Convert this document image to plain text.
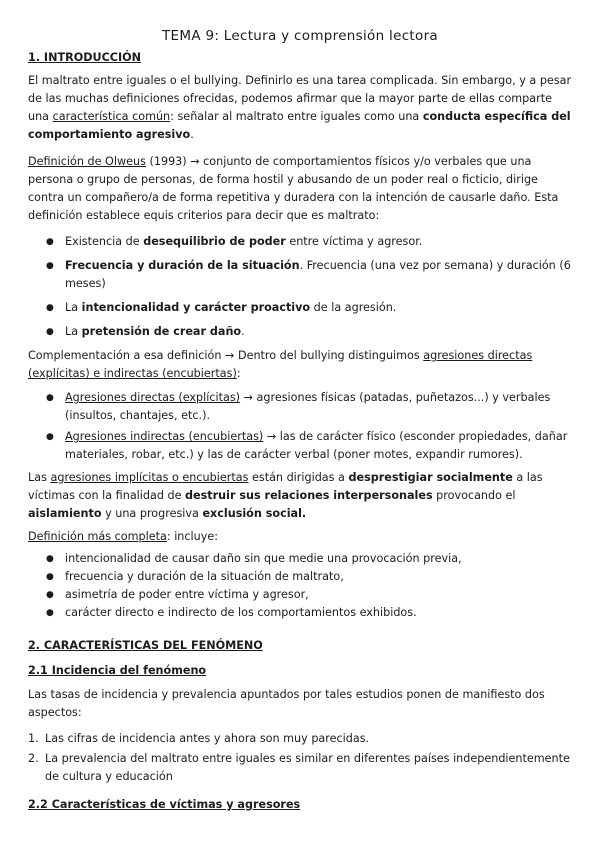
TEMA 9: Lectura y comprensión lectora
1. INTRODUCCIÓN

El maltrato entre iguales o el bullying. Definirlo es una tarea complicada. Sin embargo, y a pesar de las muchas definiciones ofrecidas, podemos afirmar que la mayor parte de ellas comparte una característica común: señalar al maltrato entre iguales como una conducta específica del comportamiento agresivo.

Definición de Olweus (1993) → conjunto de comportamientos físicos y/o verbales que una persona o grupo de personas, de forma hostil y abusando de un poder real o ficticio, dirige contra un compañero/a de forma repetitiva y duradera con la intención de causarle daño. Esta definición establece equis criterios para decir que es maltrato:

● Existencia de desequilibrio de poder entre víctima y agresor.
● Frecuencia y duración de la situación. Frecuencia (una vez por semana) y duración (6 meses)
● La intencionalidad y carácter proactivo de la agresión.
● La pretensión de crear daño.

Complementación a esa definición → Dentro del bullying distinguimos agresiones directas (explícitas) e indirectas (encubiertas):

● Agresiones directas (explícitas) → agresiones físicas (patadas, puñetazos...) y verbales (insultos, chantajes, etc.).
● Agresiones indirectas (encubiertas) → las de carácter físico (esconder propiedades, dañar materiales, robar, etc.) y las de carácter verbal (poner motes, expandir rumores).

Las agresiones implícitas o encubiertas están dirigidas a desprestigiar socialmente a las víctimas con la finalidad de destruir sus relaciones interpersonales provocando el aislamiento y una progresiva exclusión social.

Definición más completa: incluye:

● intencionalidad de causar daño sin que medie una provocación previa,
● frecuencia y duración de la situación de maltrato,
● asimetría de poder entre víctima y agresor,
● carácter directo e indirecto de los comportamientos exhibidos.
2. CARACTERÍSTICAS DEL FENÓMENO
2.1 Incidencia del fenómeno

Las tasas de incidencia y prevalencia apuntados por tales estudios ponen de manifiesto dos aspectos:

1. Las cifras de incidencia antes y ahora son muy parecidas.
2. La prevalencia del maltrato entre iguales es similar en diferentes países independientemente de cultura y educación
2.2 Características de víctimas y agresores
